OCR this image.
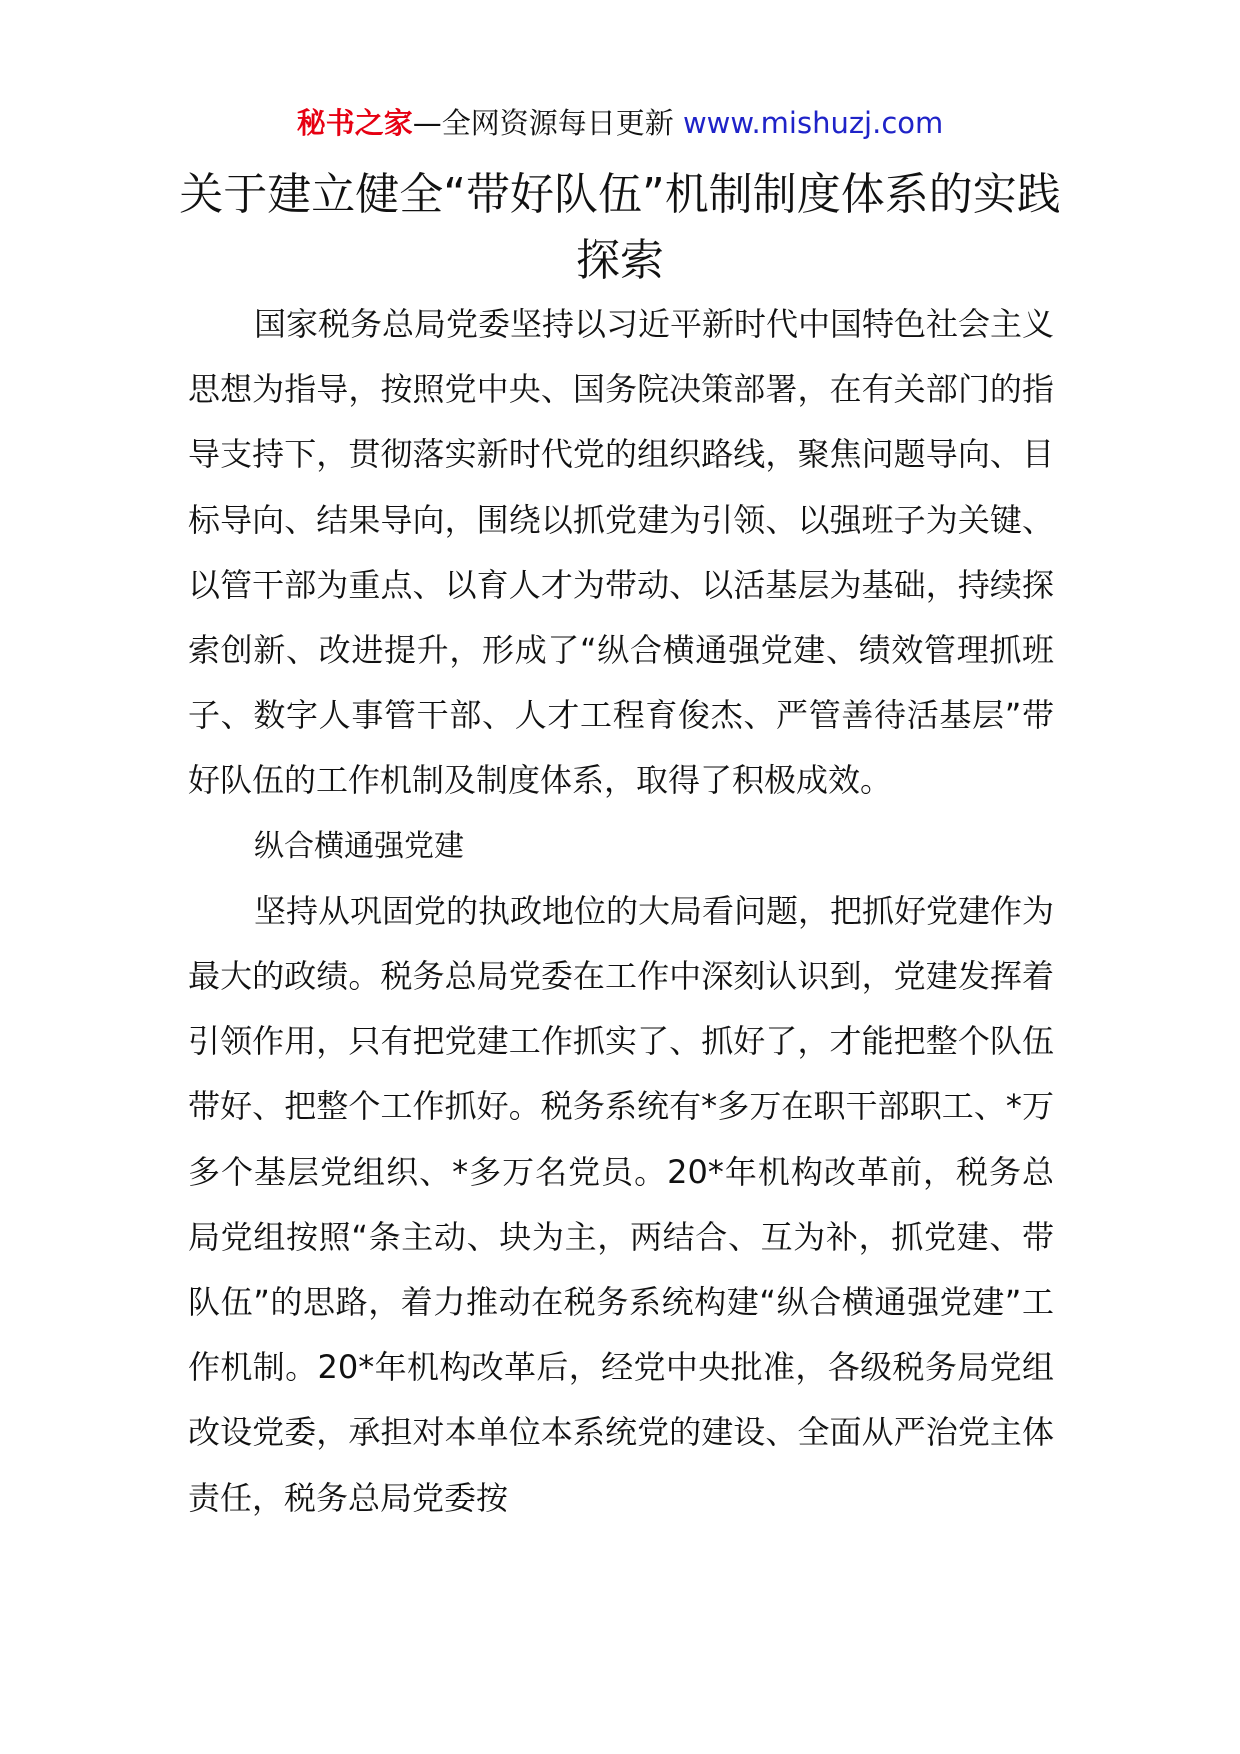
秘书之家—全网资源每日更新 www.mishuzj.com
关于建立健全“带好队伍”机制制度体系的实践探索

国家税务总局党委坚持以习近平新时代中国特色社会主义思想为指导，按照党中央、国务院决策部署，在有关部门的指导支持下，贯彻落实新时代党的组织路线，聚焦问题导向、目标导向、结果导向，围绕以抓党建为引领、以强班子为关键、以管干部为重点、以育人才为带动、以活基层为基础，持续探索创新、改进提升，形成了“纵合横通强党建、绩效管理抓班子、数字人事管干部、人才工程育俊杰、严管善待活基层”带好队伍的工作机制及制度体系，取得了积极成效。

纵合横通强党建

坚持从巩固党的执政地位的大局看问题，把抓好党建作为最大的政绩。税务总局党委在工作中深刻认识到，党建发挥着引领作用，只有把党建工作抓实了、抓好了，才能把整个队伍带好、把整个工作抓好。税务系统有*多万在职干部职工、*万多个基层党组织、*多万名党员。20*年机构改革前，税务总局党组按照“条主动、块为主，两结合、互为补，抓党建、带队伍”的思路，着力推动在税务系统构建“纵合横通强党建”工作机制。20*年机构改革后，经党中央批准，各级税务局党组改设党委，承担对本单位本系统党的建设、全面从严治党主体责任，税务总局党委按
